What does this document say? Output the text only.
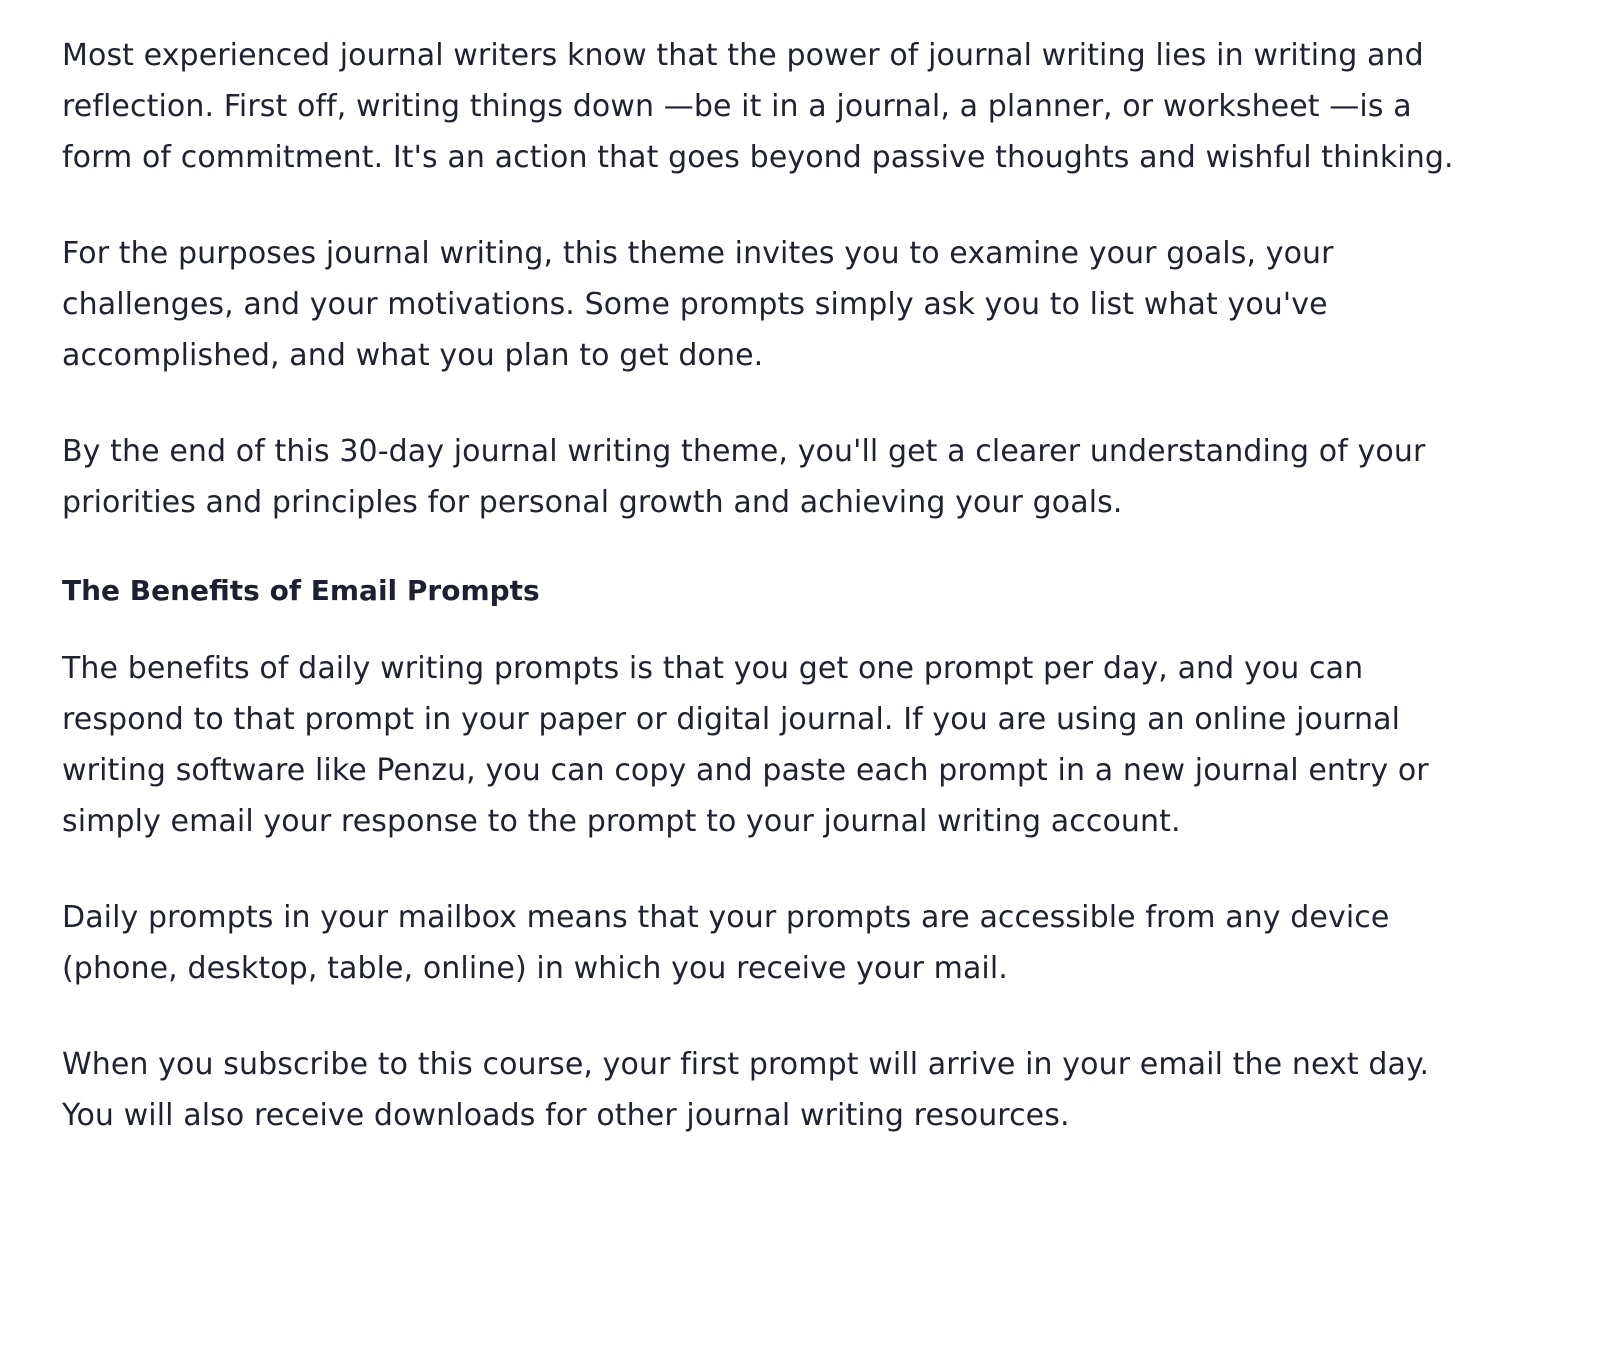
Most experienced journal writers know that the power of journal writing lies in writing and reflection. First off, writing things down —be it in a journal, a planner, or worksheet —is a form of commitment. It's an action that goes beyond passive thoughts and wishful thinking.

For the purposes journal writing, this theme invites you to examine your goals, your challenges, and your motivations. Some prompts simply ask you to list what you've accomplished, and what you plan to get done.

By the end of this 30-day journal writing theme, you'll get a clearer understanding of your priorities and principles for personal growth and achieving your goals.

The Benefits of Email Prompts

The benefits of daily writing prompts is that you get one prompt per day, and you can respond to that prompt in your paper or digital journal. If you are using an online journal writing software like Penzu, you can copy and paste each prompt in a new journal entry or simply email your response to the prompt to your journal writing account.

Daily prompts in your mailbox means that your prompts are accessible from any device (phone, desktop, table, online) in which you receive your mail.

When you subscribe to this course, your first prompt will arrive in your email the next day. You will also receive downloads for other journal writing resources.
